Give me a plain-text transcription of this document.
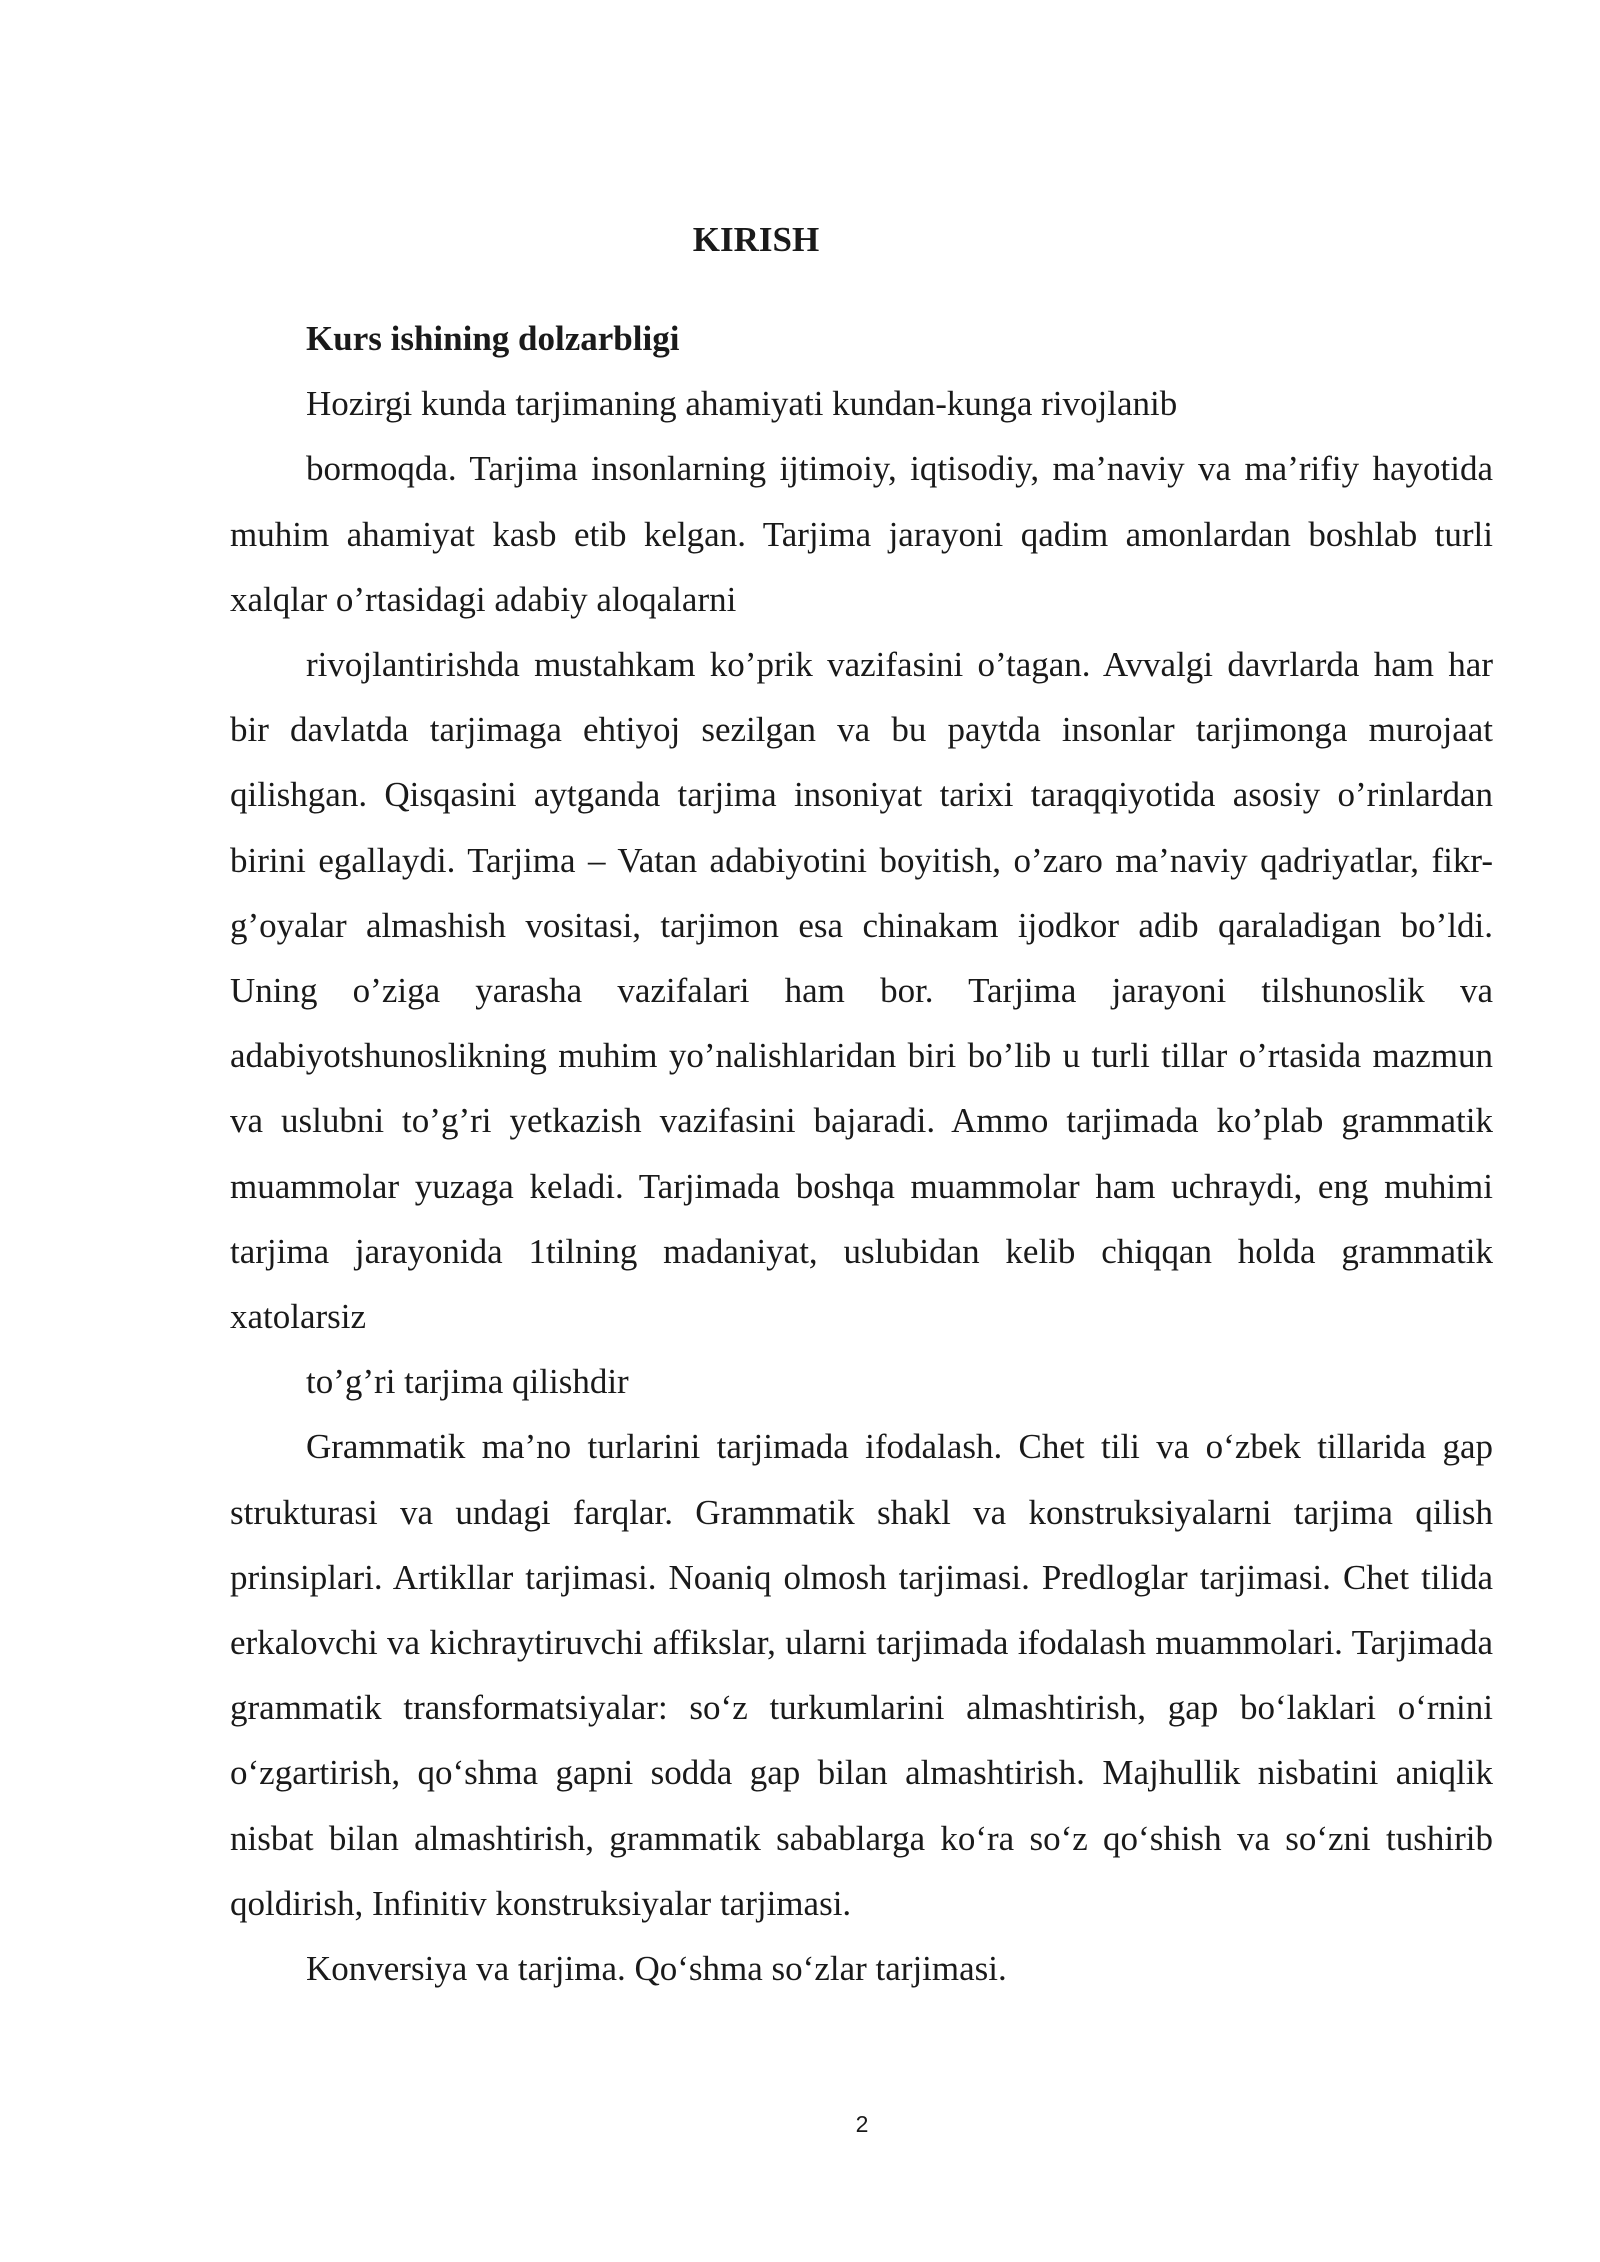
KIRISH

Kurs ishining dolzarbligi

Hozirgi kunda tarjimaning ahamiyati kundan-kunga rivojlanib

bormoqda. Tarjima insonlarning ijtimoiy, iqtisodiy, ma’naviy va ma’rifiy hayotida muhim ahamiyat kasb etib kelgan. Tarjima jarayoni qadim amonlardan boshlab turli xalqlar o’rtasidagi adabiy aloqalarni

rivojlantirishda mustahkam ko’prik vazifasini o’tagan. Avvalgi davrlarda ham har bir davlatda tarjimaga ehtiyoj sezilgan va bu paytda insonlar tarjimonga murojaat qilishgan. Qisqasini aytganda tarjima insoniyat tarixi taraqqiyotida asosiy o’rinlardan birini egallaydi. Tarjima – Vatan adabiyotini boyitish, o’zaro ma’naviy qadriyatlar, fikr-g’oyalar almashish vositasi, tarjimon esa chinakam ijodkor adib qaraladigan bo’ldi. Uning o’ziga yarasha vazifalari ham bor. Tarjima jarayoni tilshunoslik va adabiyotshunoslikning muhim yo’nalishlaridan biri bo’lib u turli tillar o’rtasida mazmun va uslubni to’g’ri yetkazish vazifasini bajaradi. Ammo tarjimada ko’plab grammatik muammolar yuzaga keladi. Tarjimada boshqa muammolar ham uchraydi, eng muhimi tarjima jarayonida 1tilning madaniyat, uslubidan kelib chiqqan holda grammatik xatolarsiz

to’g’ri tarjima qilishdir

Grammatik ma’no turlarini tarjimada ifodalash. Chet tili va o‘zbek tillarida gap strukturasi va undagi farqlar. Grammatik shakl va konstruksiyalarni tarjima qilish prinsiplari. Artikllar tarjimasi. Noaniq olmosh tarjimasi. Predloglar tarjimasi. Chet tilida erkalovchi va kichraytiruvchi affikslar, ularni tarjimada ifodalash muammolari. Tarjimada grammatik transformatsiyalar: so‘z turkumlarini almashtirish, gap bo‘laklari o‘rnini o‘zgartirish, qo‘shma gapni sodda gap bilan almashtirish. Majhullik nisbatini aniqlik nisbat bilan almashtirish, grammatik sabablarga ko‘ra so‘z qo‘shish va so‘zni tushirib qoldirish, Infinitiv konstruksiyalar tarjimasi.

Konversiya va tarjima. Qo‘shma so‘zlar tarjimasi.

2
